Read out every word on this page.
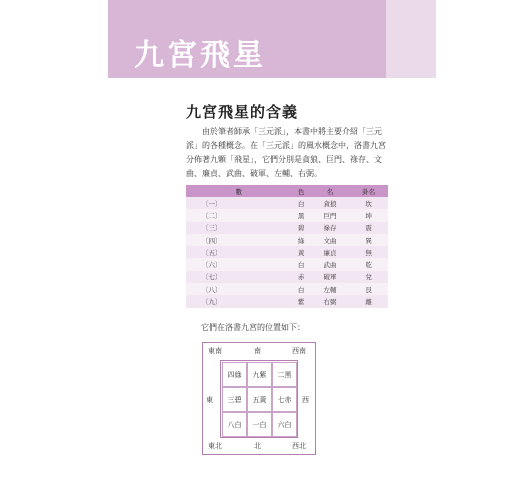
九宮飛星
九宮飛星的含義

由於筆者師承「三元派」，本書中將主要介紹「三元派」的各種概念。在「三元派」的風水概念中，洛書九宮分佈著九顆「飛星」，它們分別是貪狼、巨門、祿存、文曲、廉貞、武曲、破軍、左輔、右弼。

數	色	名	卦名
〔一〕	白	貪狼	坎
〔二〕	黑	巨門	坤
〔三〕	碧	祿存	震
〔四〕	綠	文曲	巽
〔五〕	黃	廉貞	無
〔六〕	白	武曲	乾
〔七〕	赤	破軍	兌
〔八〕	白	左輔	艮
〔九〕	紫	右弼	離
它們在洛書九宮的位置如下：
東南	南	西南
東	西
東北	北	西北
四綠	九紫	二黑
三碧	五黃	七赤
八白	一白	六白
